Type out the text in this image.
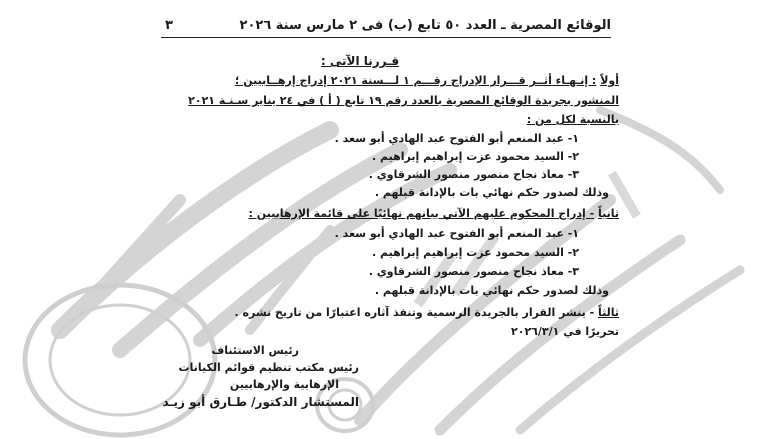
الوقائع المصرية ـ العدد ٥٠ تابع (ب) فى ٢ مارس سنة ٢٠٢٦
٣
قـررنا الآتى :
أولاً : إنـهـاء أثــر قـــرار الإدراج رقـــم ١ لـــسنة ٢٠٢١ إدراج إرهــابيين ؛
المنشور بجريدة الوقائع المصرية بالعدد رقم ١٩ تابع ( أ ) في ٢٤ يناير سـنـة ٢٠٢١
بالنسبة لكل من :
١- عبد المنعم أبو الفتوح عبد الهادي أبو سعد .
٢- السيد محمود عزت إبراهيم إبراهيم .
٣- معاذ نجاح منصور منصور الشرقاوي .
وذلك لصدور حكم نهائي بات بالإدانة قبلهم .
ثانياً - إدراج المحكوم عليهم الآتي بيانهم نهائيًا على قائمة الإرهابيين :
١- عبد المنعم أبو الفتوح عبد الهادي أبو سعد .
٢- السيد محمود عزت إبراهيم إبراهيم .
٣- معاذ نجاح منصور منصور الشرقاوي .
وذلك لصدور حكم نهائي بات بالإدانة قبلهم .
ثالثاً - ينشر القرار بالجريدة الرسمية وتنفذ آثاره اعتبارًا من تاريخ نشره .
تحريرًا في ٢٠٢٦/٣/١
رئيس الاستئناف
رئيس مكتب تنظيم قوائم الكيانات
الإرهابية والإرهابيين
المستشار الدكتور/ طـارق أبو زيـد
